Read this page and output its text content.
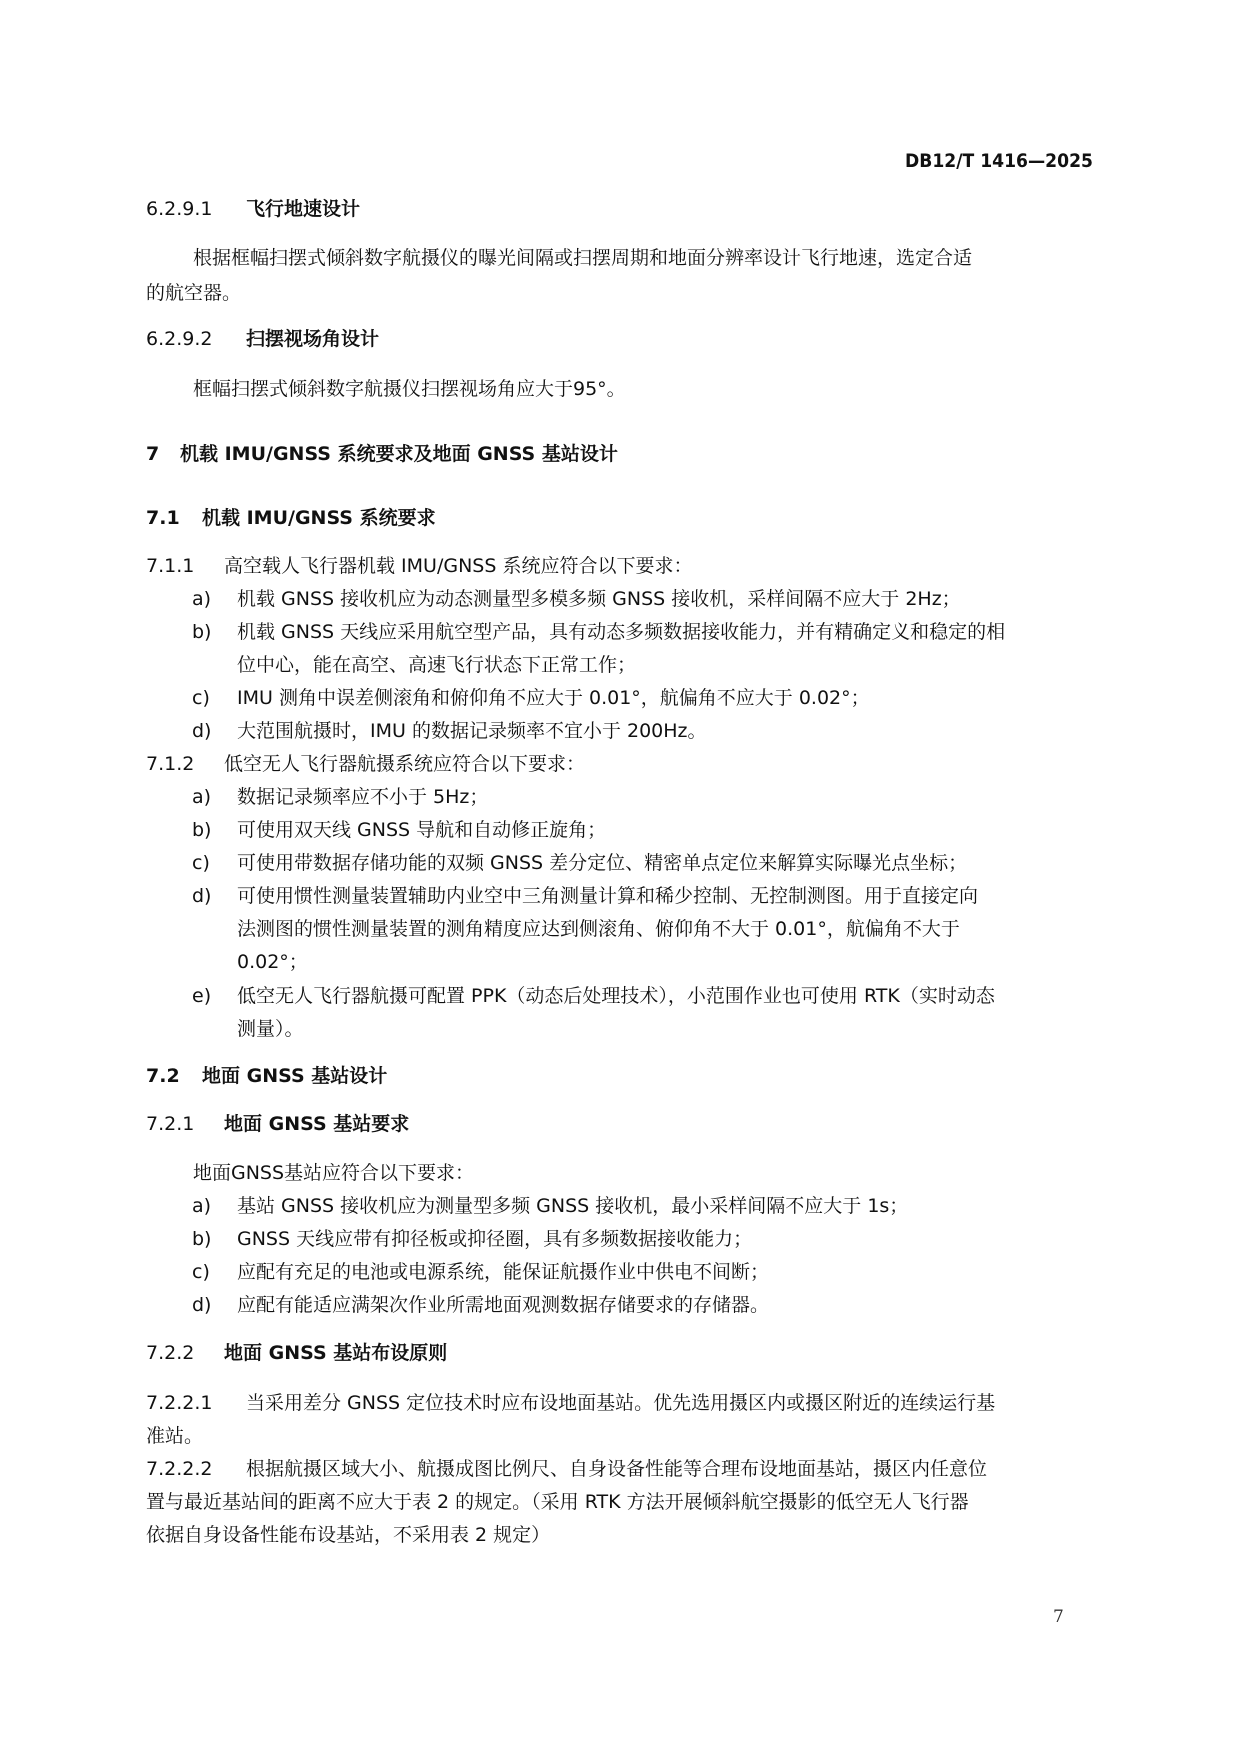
DB12/T 1416—2025
6.2.9.1 飞行地速设计
根据框幅扫摆式倾斜数字航摄仪的曝光间隔或扫摆周期和地面分辨率设计飞行地速，选定合适
的航空器。
6.2.9.2 扫摆视场角设计
框幅扫摆式倾斜数字航摄仪扫摆视场角应大于95°。
7 机载 IMU/GNSS 系统要求及地面 GNSS 基站设计
7.1 机载 IMU/GNSS 系统要求
7.1.1 高空载人飞行器机载 IMU/GNSS 系统应符合以下要求：
a) 机载 GNSS 接收机应为动态测量型多模多频 GNSS 接收机，采样间隔不应大于 2Hz；
b) 机载 GNSS 天线应采用航空型产品，具有动态多频数据接收能力，并有精确定义和稳定的相
位中心，能在高空、高速飞行状态下正常工作；
c) IMU 测角中误差侧滚角和俯仰角不应大于 0.01°，航偏角不应大于 0.02°；
d) 大范围航摄时，IMU 的数据记录频率不宜小于 200Hz。
7.1.2 低空无人飞行器航摄系统应符合以下要求：
a) 数据记录频率应不小于 5Hz；
b) 可使用双天线 GNSS 导航和自动修正旋角；
c) 可使用带数据存储功能的双频 GNSS 差分定位、精密单点定位来解算实际曝光点坐标；
d) 可使用惯性测量装置辅助内业空中三角测量计算和稀少控制、无控制测图。用于直接定向
法测图的惯性测量装置的测角精度应达到侧滚角、俯仰角不大于 0.01°，航偏角不大于
0.02°；
e) 低空无人飞行器航摄可配置 PPK（动态后处理技术），小范围作业也可使用 RTK（实时动态
测量）。
7.2 地面 GNSS 基站设计
7.2.1 地面 GNSS 基站要求
地面GNSS基站应符合以下要求：
a) 基站 GNSS 接收机应为测量型多频 GNSS 接收机，最小采样间隔不应大于 1s；
b) GNSS 天线应带有抑径板或抑径圈，具有多频数据接收能力；
c) 应配有充足的电池或电源系统，能保证航摄作业中供电不间断；
d) 应配有能适应满架次作业所需地面观测数据存储要求的存储器。
7.2.2 地面 GNSS 基站布设原则
7.2.2.1 当采用差分 GNSS 定位技术时应布设地面基站。优先选用摄区内或摄区附近的连续运行基
准站。
7.2.2.2 根据航摄区域大小、航摄成图比例尺、自身设备性能等合理布设地面基站，摄区内任意位
置与最近基站间的距离不应大于表 2 的规定。（采用 RTK 方法开展倾斜航空摄影的低空无人飞行器
依据自身设备性能布设基站，不采用表 2 规定）
7
